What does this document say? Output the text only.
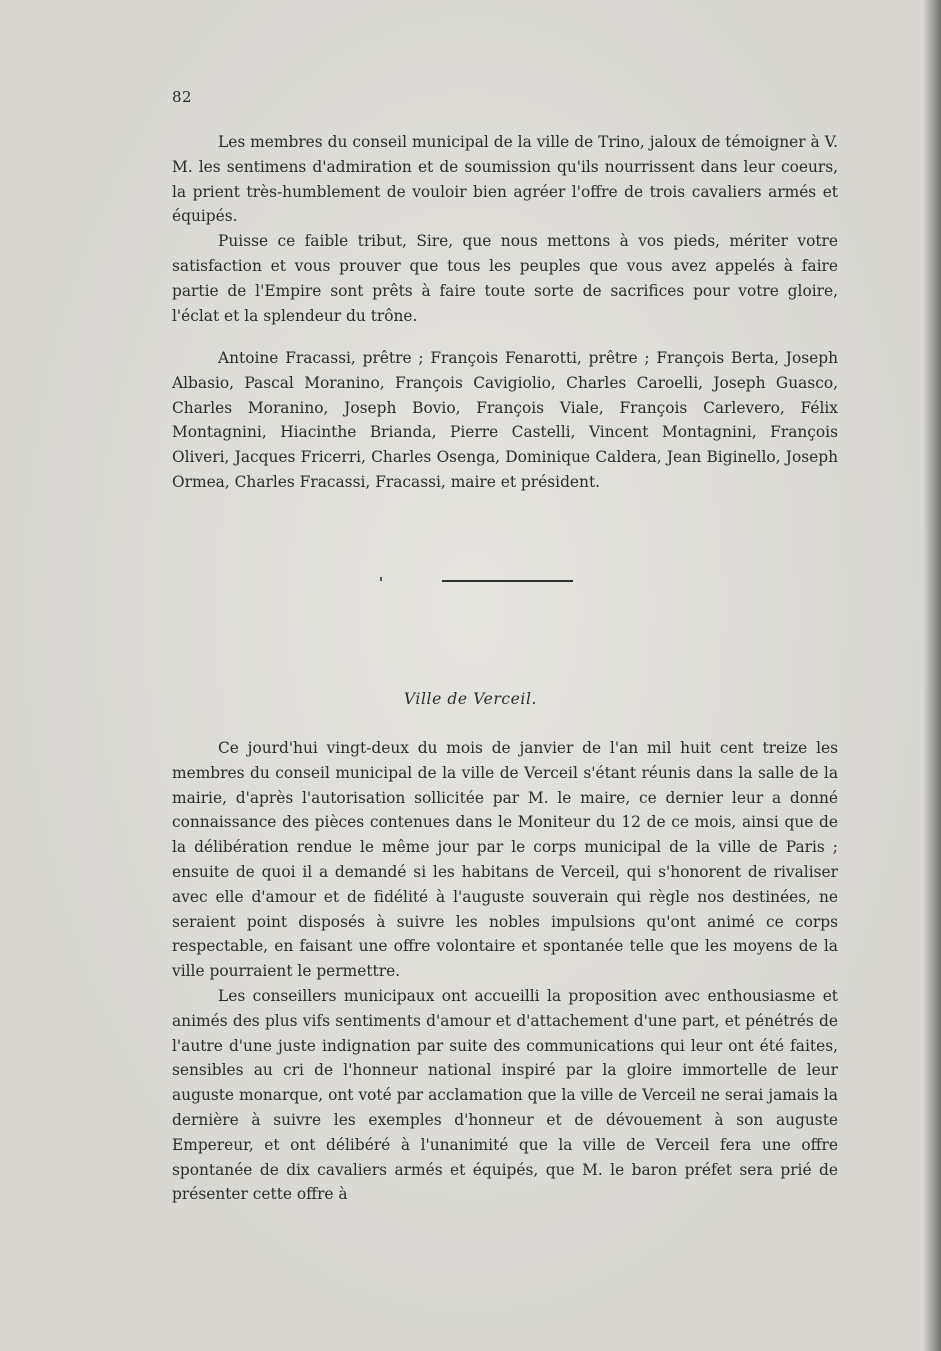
82

Les membres du conseil municipal de la ville de Trino, jaloux de témoigner à V. M. les sentimens d'admiration et de soumission qu'ils nourrissent dans leur coeurs, la prient très-humblement de vouloir bien agréer l'offre de trois cavaliers armés et équipés.

Puisse ce faible tribut, Sire, que nous mettons à vos pieds, mériter votre satisfaction et vous prouver que tous les peuples que vous avez appelés à faire partie de l'Empire sont prêts à faire toute sorte de sacrifices pour votre gloire, l'éclat et la splendeur du trône.

Antoine Fracassi, prêtre ; François Fenarotti, prêtre ; François Berta, Joseph Albasio, Pascal Moranino, François Cavigiolio, Charles Caroelli, Joseph Guasco, Charles Moranino, Joseph Bovio, François Viale, François Carlevero, Félix Montagnini, Hiacinthe Brianda, Pierre Castelli, Vincent Montagnini, François Oliveri, Jacques Fricerri, Charles Osenga, Dominique Caldera, Jean Biginello, Joseph Ormea, Charles Fracassi, Fracassi, maire et président.

Ville de Verceil.

Ce jourd'hui vingt-deux du mois de janvier de l'an mil huit cent treize les membres du conseil municipal de la ville de Verceil s'étant réunis dans la salle de la mairie, d'après l'autorisation sollicitée par M. le maire, ce dernier leur a donné connaissance des pièces contenues dans le Moniteur du 12 de ce mois, ainsi que de la délibération rendue le même jour par le corps municipal de la ville de Paris ; ensuite de quoi il a demandé si les habitans de Verceil, qui s'honorent de rivaliser avec elle d'amour et de fidélité à l'auguste souverain qui règle nos destinées, ne seraient point disposés à suivre les nobles impulsions qu'ont animé ce corps respectable, en faisant une offre volontaire et spontanée telle que les moyens de la ville pourraient le permettre.

Les conseillers municipaux ont accueilli la proposition avec enthousiasme et animés des plus vifs sentiments d'amour et d'attachement d'une part, et pénétrés de l'autre d'une juste indignation par suite des communications qui leur ont été faites, sensibles au cri de l'honneur national inspiré par la gloire immortelle de leur auguste monarque, ont voté par acclamation que la ville de Verceil ne serai jamais la dernière à suivre les exemples d'honneur et de dévouement à son auguste Empereur, et ont délibéré à l'unanimité que la ville de Verceil fera une offre spontanée de dix cavaliers armés et équipés, que M. le baron préfet sera prié de présenter cette offre à
